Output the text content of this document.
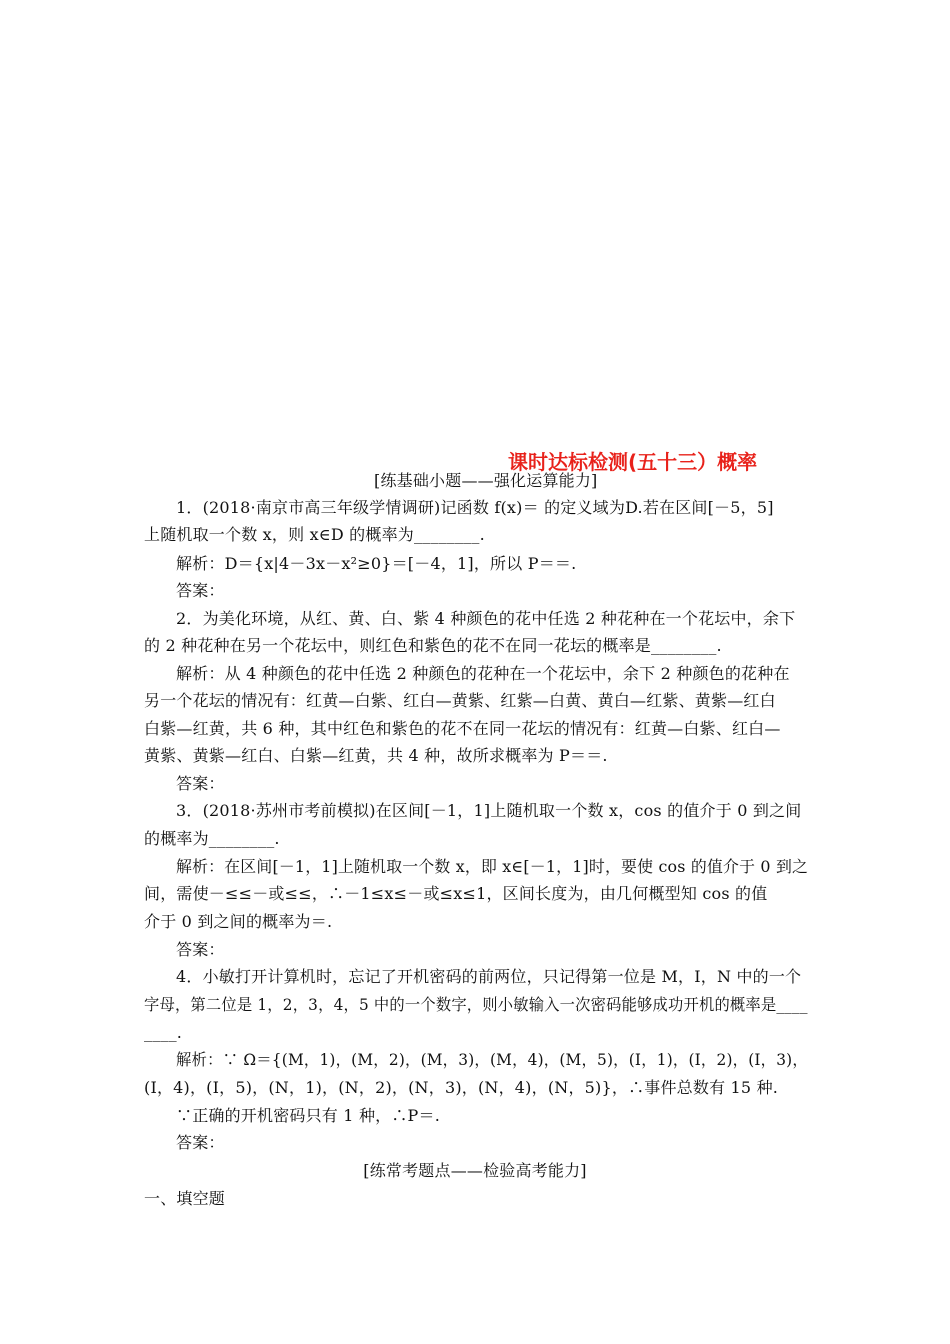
课时达标检测(五十三）概率
[练基础小题——强化运算能力]
1．(2018·南京市高三年级学情调研)记函数 f(x)＝ 的定义域为D.若在区间[－5，5]
上随机取一个数 x，则 x∈D 的概率为________.
解析：D＝{x|4－3x－x²≥0}＝[－4，1]，所以 P＝＝.
答案：
2．为美化环境，从红、黄、白、紫 4 种颜色的花中任选 2 种花种在一个花坛中，余下
的 2 种花种在另一个花坛中，则红色和紫色的花不在同一花坛的概率是________.
解析：从 4 种颜色的花中任选 2 种颜色的花种在一个花坛中，余下 2 种颜色的花种在
另一个花坛的情况有：红黄—白紫、红白—黄紫、红紫—白黄、黄白—红紫、黄紫—红白
白紫—红黄，共 6 种，其中红色和紫色的花不在同一花坛的情况有：红黄—白紫、红白—
黄紫、黄紫—红白、白紫—红黄，共 4 种，故所求概率为 P＝＝.
答案：
3．(2018·苏州市考前模拟)在区间[－1，1]上随机取一个数 x，cos 的值介于 0 到之间
的概率为________.
解析：在区间[－1，1]上随机取一个数 x，即 x∈[－1，1]时，要使 cos 的值介于 0 到之
间，需使－≤≤－或≤≤，∴－1≤x≤－或≤x≤1，区间长度为，由几何概型知 cos 的值
介于 0 到之间的概率为＝.
答案：
4．小敏打开计算机时，忘记了开机密码的前两位，只记得第一位是 M，I，N 中的一个
字母，第二位是 1，2，3，4，5 中的一个数字，则小敏输入一次密码能够成功开机的概率是____
____.
解析：∵ Ω＝{(M，1)，(M，2)，(M，3)，(M，4)，(M，5)，(I，1)，(I，2)，(I，3)，
(I，4)，(I，5)，(N，1)，(N，2)，(N，3)，(N，4)，(N，5)}，∴事件总数有 15 种.
∵正确的开机密码只有 1 种，∴P＝.
答案：
[练常考题点——检验高考能力]
一、填空题
